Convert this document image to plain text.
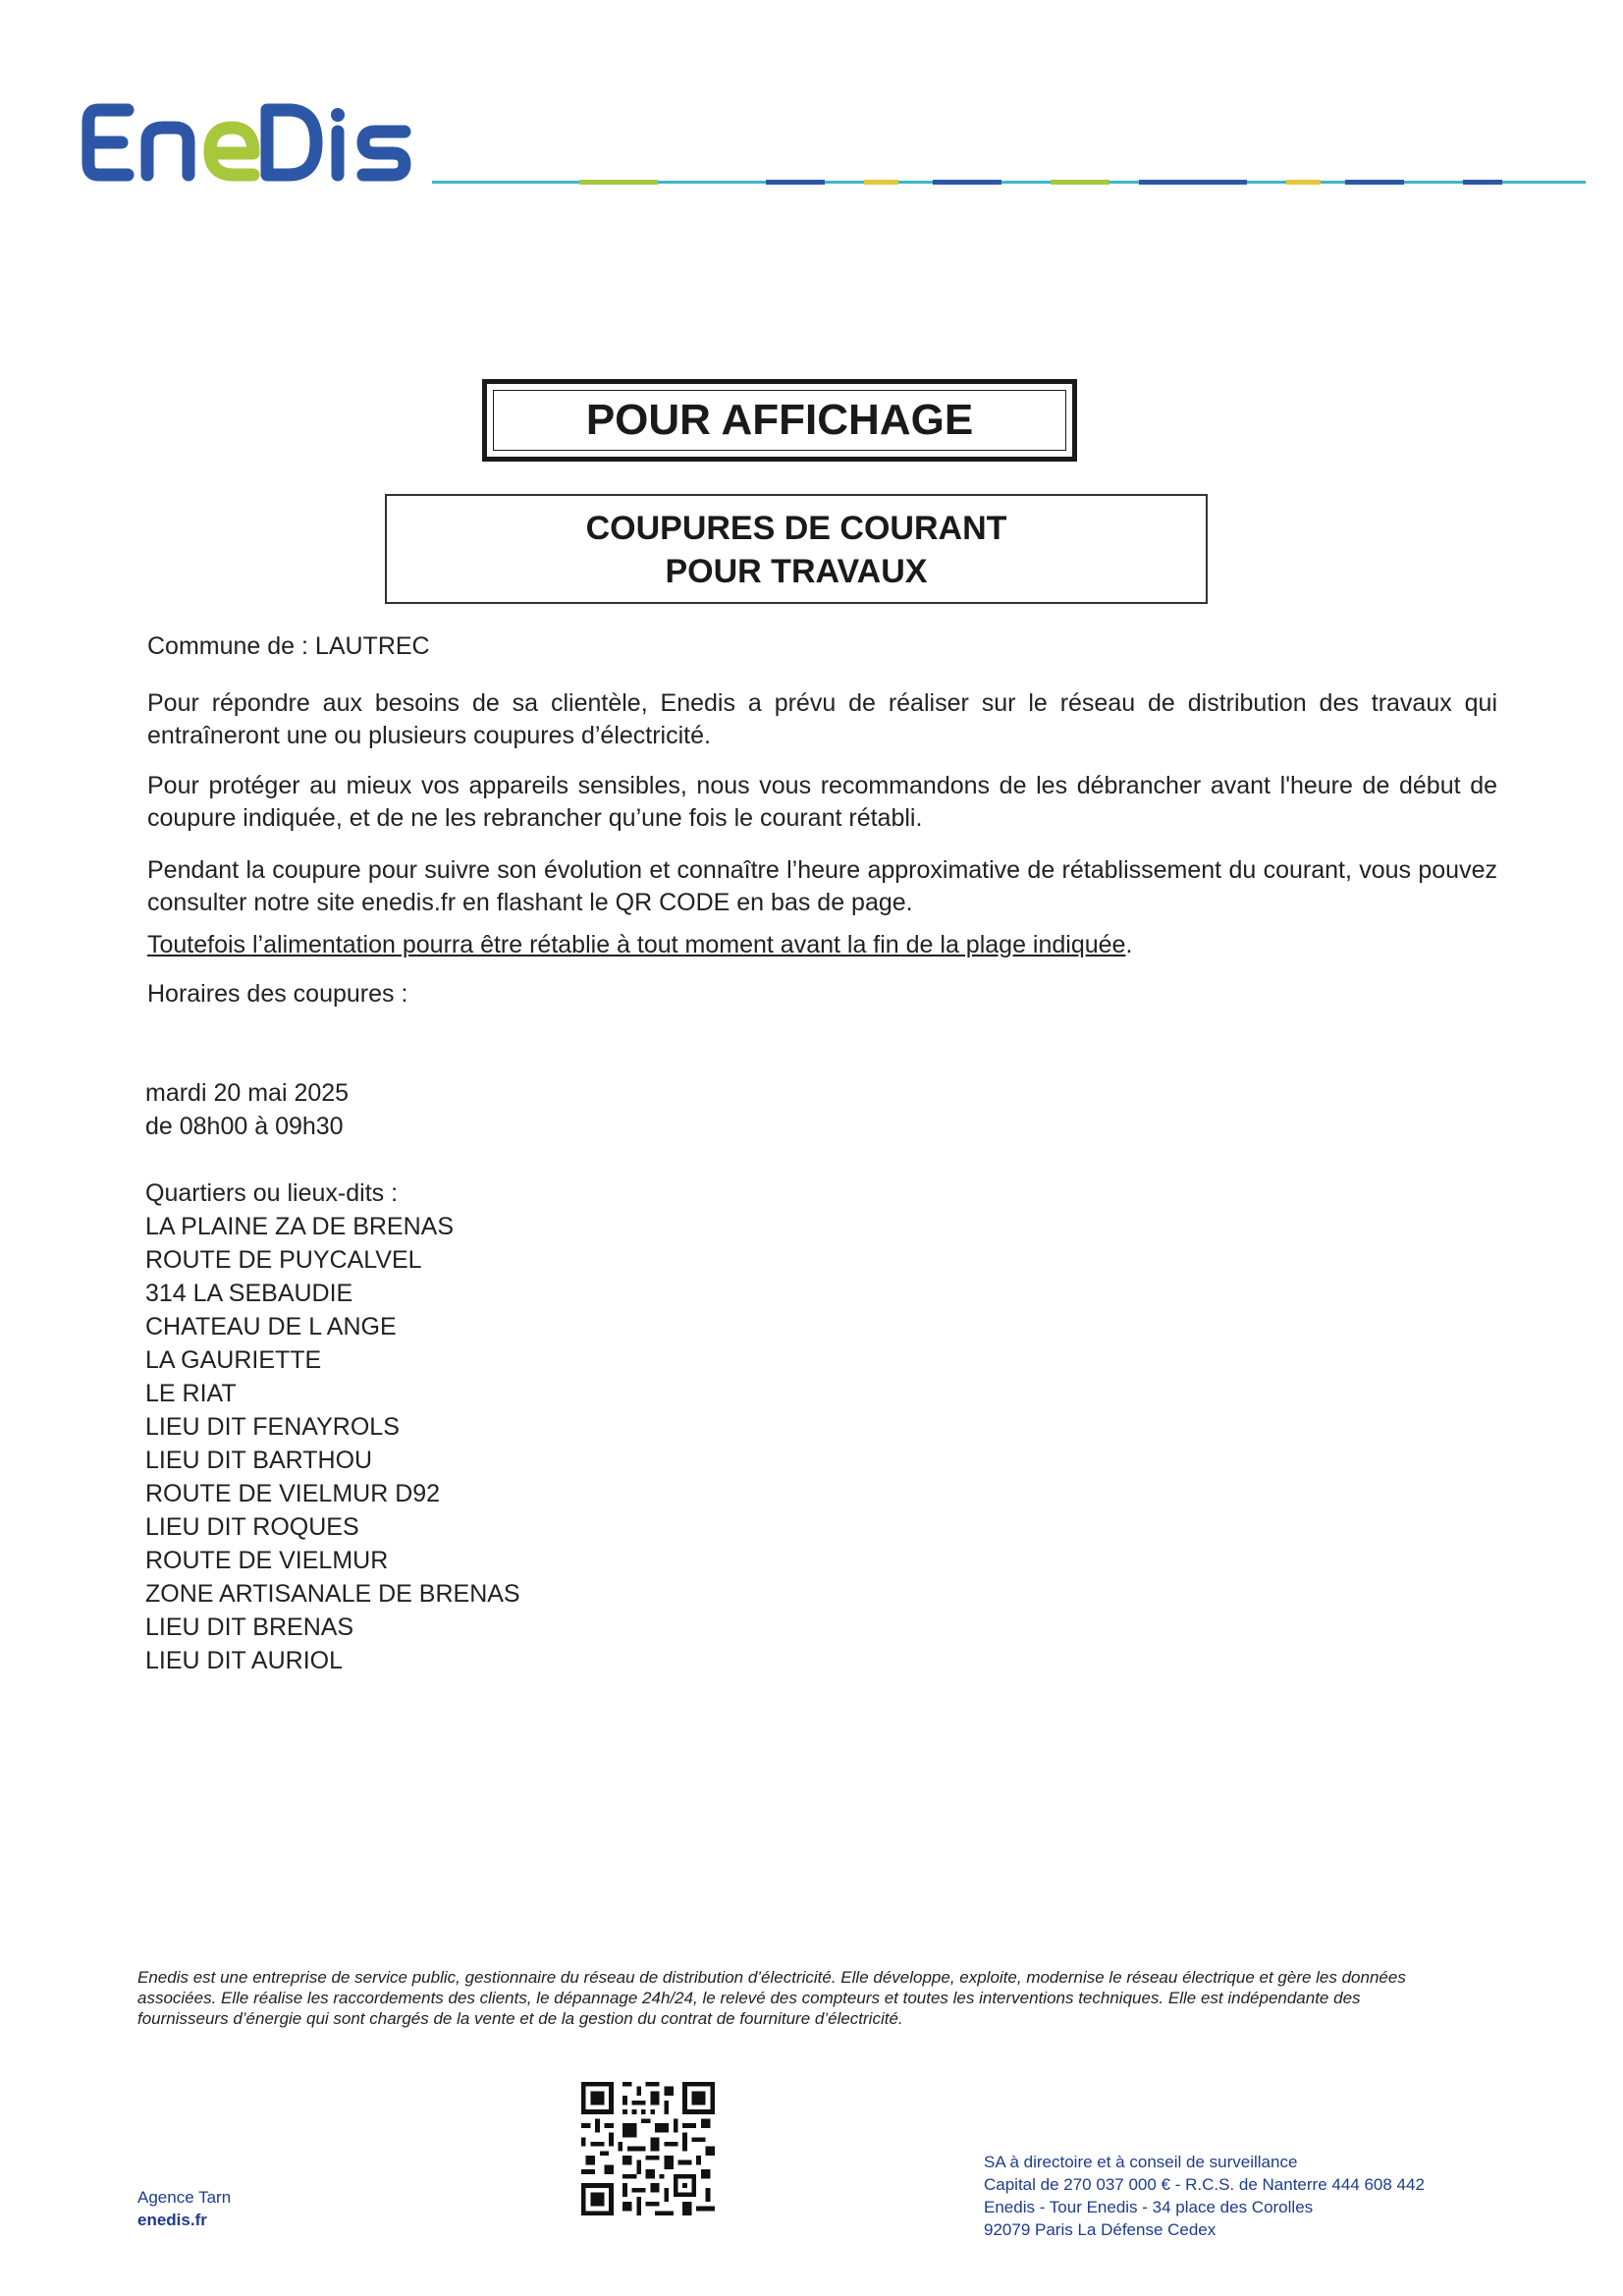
POUR AFFICHAGE
COUPURES DE COURANT
POUR TRAVAUX
Commune de : LAUTREC
Pour répondre aux besoins de sa clientèle, Enedis a prévu de réaliser sur le réseau de distribution des travaux qui entraîneront une ou plusieurs coupures d’électricité.
Pour protéger au mieux vos appareils sensibles, nous vous recommandons de les débrancher avant l'heure de début de coupure indiquée, et de ne les rebrancher qu’une fois le courant rétabli.
Pendant la coupure pour suivre son évolution et connaître l’heure approximative de rétablissement du courant, vous pouvez consulter notre site enedis.fr en flashant le QR CODE en bas de page.
Toutefois l’alimentation pourra être rétablie à tout moment avant la fin de la plage indiquée.
Horaires des coupures :
mardi 20 mai 2025
de 08h00 à 09h30
Quartiers ou lieux-dits :
LA PLAINE ZA DE BRENAS
ROUTE DE PUYCALVEL
314 LA SEBAUDIE
CHATEAU DE L ANGE
LA GAURIETTE
LE RIAT
LIEU DIT FENAYROLS
LIEU DIT BARTHOU
ROUTE DE VIELMUR D92
LIEU DIT ROQUES
ROUTE DE VIELMUR
ZONE ARTISANALE DE BRENAS
LIEU DIT BRENAS
LIEU DIT AURIOL
Enedis est une entreprise de service public, gestionnaire du réseau de distribution d’électricité. Elle développe, exploite, modernise le réseau électrique et gère les données associées. Elle réalise les raccordements des clients, le dépannage 24h/24, le relevé des compteurs et toutes les interventions techniques. Elle est indépendante des fournisseurs d’énergie qui sont chargés de la vente et de la gestion du contrat de fourniture d’électricité.
Agence Tarn
enedis.fr
SA à directoire et à conseil de surveillance
Capital de 270 037 000 € - R.C.S. de Nanterre 444 608 442
Enedis - Tour Enedis - 34 place des Corolles
92079 Paris La Défense Cedex
